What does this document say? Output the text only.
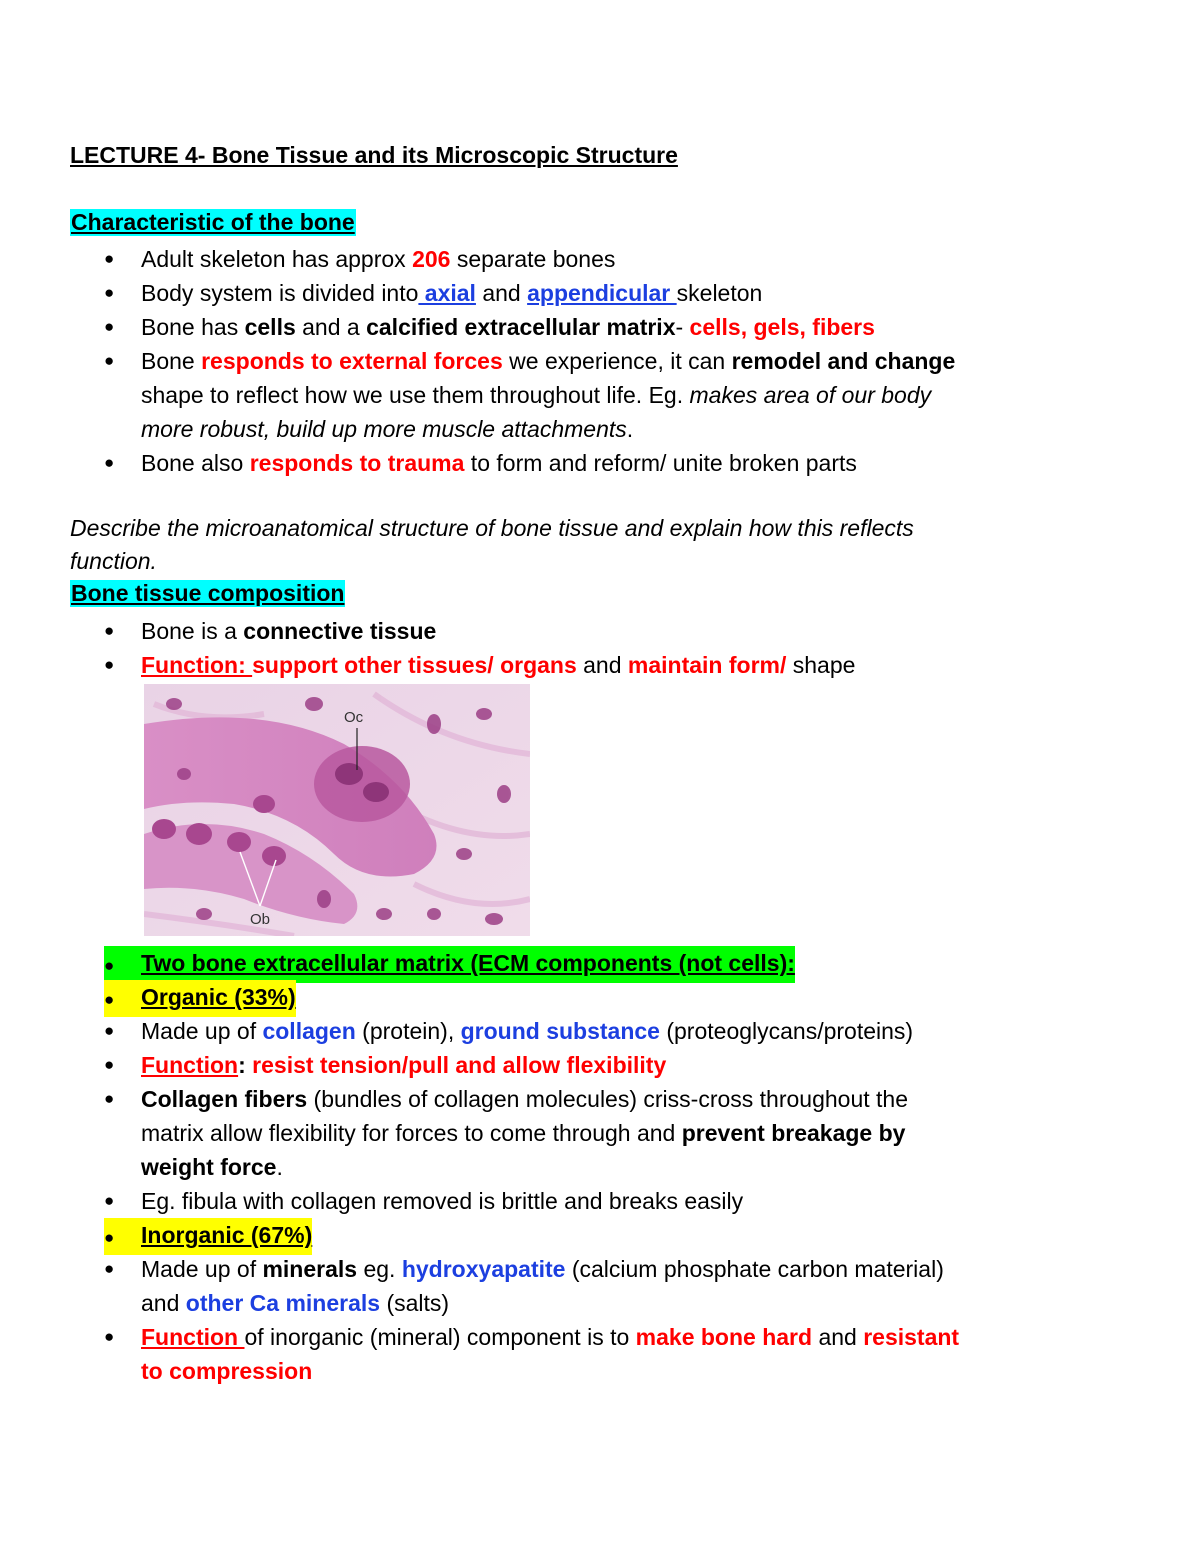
LECTURE 4- Bone Tissue and its Microscopic Structure
Characteristic of the bone
●	Adult skeleton has approx 206 separate bones
●	Body system is divided into axial and appendicular skeleton
●	Bone has cells and a calcified extracellular matrix- cells, gels, fibers
●	Bone responds to external forces we experience, it can remodel and change
shape to reflect how we use them throughout life. Eg. makes area of our body
more robust, build up more muscle attachments.
●	Bone also responds to trauma to form and reform/ unite broken parts
Describe the microanatomical structure of bone tissue and explain how this reflects
function.
Bone tissue composition
●	Bone is a connective tissue
●	Function: support other tissues/ organs and maintain form/ shape
Oc
Ob
● Two bone extracellular matrix (ECM components (not cells):
● Organic (33%)
●	Made up of collagen (protein), ground substance (proteoglycans/proteins)
●	Function: resist tension/pull and allow flexibility
●	Collagen fibers (bundles of collagen molecules) criss-cross throughout the
matrix allow flexibility for forces to come through and prevent breakage by
weight force.
●	Eg. fibula with collagen removed is brittle and breaks easily
● Inorganic (67%)
●	Made up of minerals eg. hydroxyapatite (calcium phosphate carbon material)
and other Ca minerals (salts)
●	Function of inorganic (mineral) component is to make bone hard and resistant
to compression
